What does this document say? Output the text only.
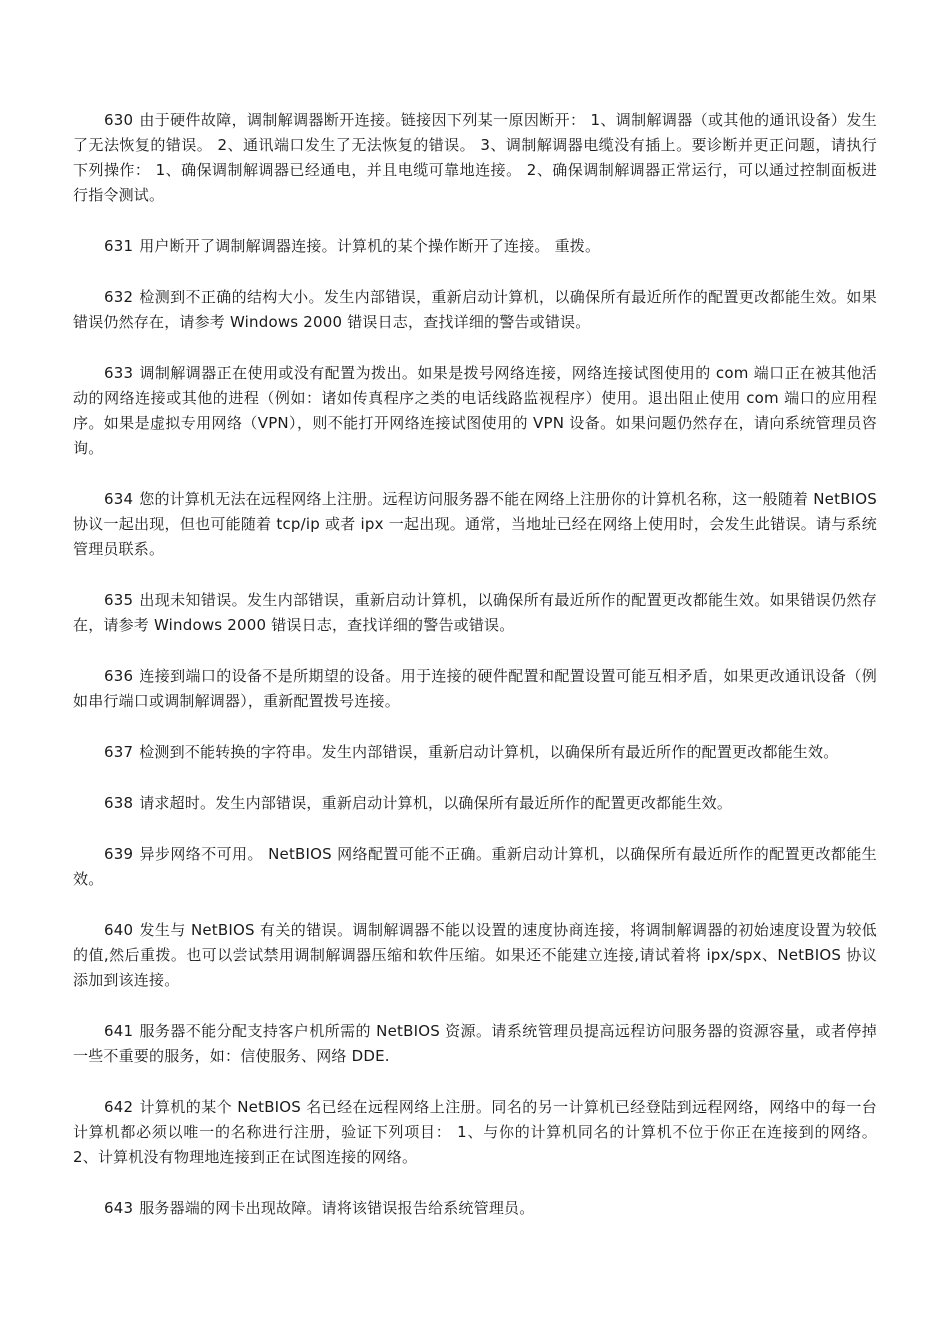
630 由于硬件故障，调制解调器断开连接。链接因下列某一原因断开： 1、调制解调器（或其他的通讯设备）发生了无法恢复的错误。 2、通讯端口发生了无法恢复的错误。 3、调制解调器电缆没有插上。要诊断并更正问题，请执行下列操作： 1、确保调制解调器已经通电，并且电缆可靠地连接。 2、确保调制解调器正常运行，可以通过控制面板进行指令测试。

631 用户断开了调制解调器连接。计算机的某个操作断开了连接。 重拨。

632 检测到不正确的结构大小。发生内部错误，重新启动计算机，以确保所有最近所作的配置更改都能生效。如果错误仍然存在，请参考 Windows 2000 错误日志，查找详细的警告或错误。

633 调制解调器正在使用或没有配置为拨出。如果是拨号网络连接，网络连接试图使用的 com 端口正在被其他活动的网络连接或其他的进程（例如：诸如传真程序之类的电话线路监视程序）使用。退出阻止使用 com 端口的应用程序。如果是虚拟专用网络（VPN），则不能打开网络连接试图使用的 VPN 设备。如果问题仍然存在，请向系统管理员咨询。

634 您的计算机无法在远程网络上注册。远程访问服务器不能在网络上注册你的计算机名称，这一般随着 NetBIOS 协议一起出现，但也可能随着 tcp/ip 或者 ipx 一起出现。通常，当地址已经在网络上使用时，会发生此错误。请与系统管理员联系。

635 出现未知错误。发生内部错误，重新启动计算机，以确保所有最近所作的配置更改都能生效。如果错误仍然存在，请参考 Windows 2000 错误日志，查找详细的警告或错误。

636 连接到端口的设备不是所期望的设备。用于连接的硬件配置和配置设置可能互相矛盾，如果更改通讯设备（例如串行端口或调制解调器），重新配置拨号连接。

637 检测到不能转换的字符串。发生内部错误，重新启动计算机，以确保所有最近所作的配置更改都能生效。

638 请求超时。发生内部错误，重新启动计算机，以确保所有最近所作的配置更改都能生效。

639 异步网络不可用。 NetBIOS 网络配置可能不正确。重新启动计算机，以确保所有最近所作的配置更改都能生效。

640 发生与 NetBIOS 有关的错误。调制解调器不能以设置的速度协商连接，将调制解调器的初始速度设置为较低的值,然后重拨。也可以尝试禁用调制解调器压缩和软件压缩。如果还不能建立连接,请试着将 ipx/spx、NetBIOS 协议添加到该连接。

641 服务器不能分配支持客户机所需的 NetBIOS 资源。请系统管理员提高远程访问服务器的资源容量，或者停掉一些不重要的服务，如：信使服务、网络 DDE.

642 计算机的某个 NetBIOS 名已经在远程网络上注册。同名的另一计算机已经登陆到远程网络，网络中的每一台计算机都必须以唯一的名称进行注册，验证下列项目： 1、与你的计算机同名的计算机不位于你正在连接到的网络。 2、计算机没有物理地连接到正在试图连接的网络。

643 服务器端的网卡出现故障。请将该错误报告给系统管理员。
